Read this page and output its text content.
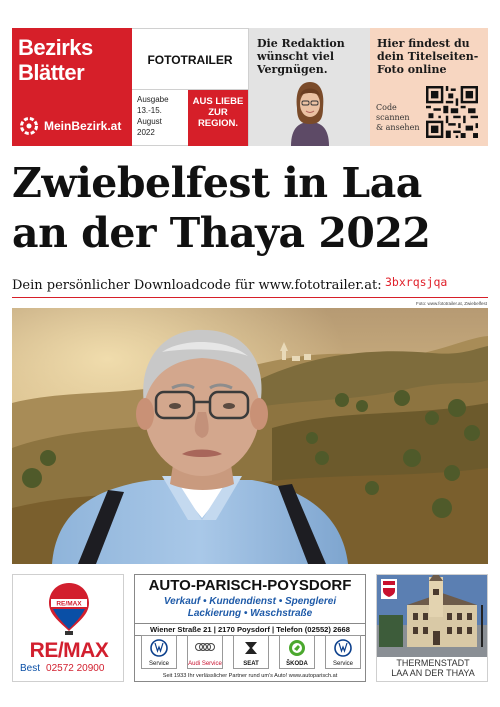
Bezirks
Blätter
MeinBezirk.at
FOTOTRAILER
Ausgabe
13.-15. August
2022
AUS LIEBE
ZUR
REGION.
Die Redaktion wünscht viel Vergnügen.
Hier findest du dein Titelseiten-Foto online
Code
scannen
& ansehen
Zwiebelfest in Laa
an der Thaya 2022
Dein persönlicher Downloadcode für www.fototrailer.at: 3bxrqsjqa
Foto: www.fototrailer.at, Zwiebelfest
RE/MAX
RE/MAX
Best 02572 20900
AUTO-PARISCH-POYSDORF
Verkauf • Kundendienst • Spenglerei
Lackierung • Waschstraße
Wiener Straße 21 | 2170 Poysdorf | Telefon (02552) 2668
Service	Audi Service	SEAT	ŠKODA	Service
Seit 1933 Ihr verlässlicher Partner rund um's Auto! www.autoparisch.at
THERMENSTADT
LAA AN DER THAYA
